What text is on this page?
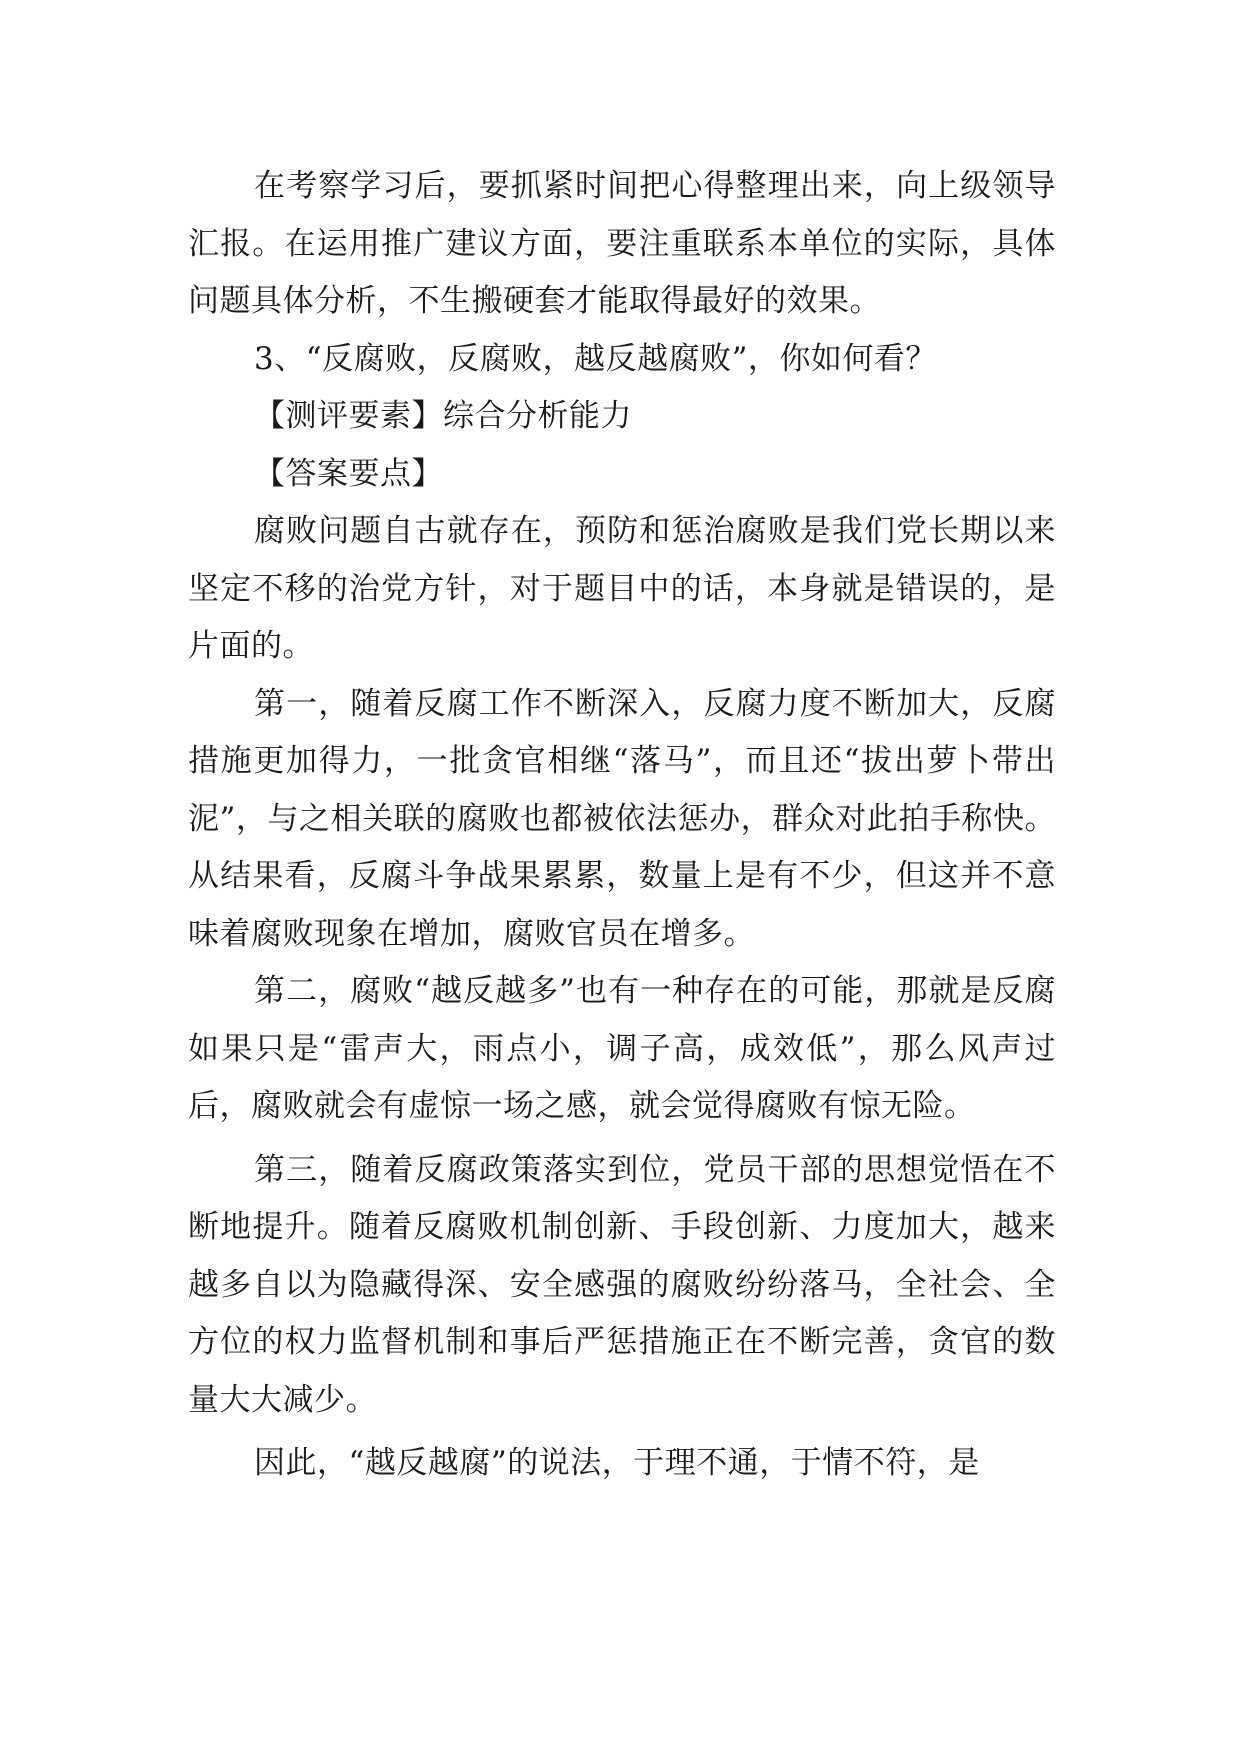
在考察学习后，要抓紧时间把心得整理出来，向上级领导汇报。在运用推广建议方面，要注重联系本单位的实际，具体问题具体分析，不生搬硬套才能取得最好的效果。

3、“反腐败，反腐败，越反越腐败”，你如何看？

【测评要素】综合分析能力

【答案要点】

腐败问题自古就存在，预防和惩治腐败是我们党长期以来坚定不移的治党方针，对于题目中的话，本身就是错误的，是片面的。

第一，随着反腐工作不断深入，反腐力度不断加大，反腐措施更加得力，一批贪官相继“落马”，而且还“拔出萝卜带出泥”，与之相关联的腐败也都被依法惩办，群众对此拍手称快。从结果看，反腐斗争战果累累，数量上是有不少，但这并不意味着腐败现象在增加，腐败官员在增多。

第二，腐败“越反越多”也有一种存在的可能，那就是反腐如果只是“雷声大，雨点小，调子高，成效低”，那么风声过后，腐败就会有虚惊一场之感，就会觉得腐败有惊无险。

第三，随着反腐政策落实到位，党员干部的思想觉悟在不断地提升。随着反腐败机制创新、手段创新、力度加大，越来越多自以为隐藏得深、安全感强的腐败纷纷落马，全社会、全方位的权力监督机制和事后严惩措施正在不断完善，贪官的数量大大减少。

因此，“越反越腐”的说法，于理不通，于情不符，是
